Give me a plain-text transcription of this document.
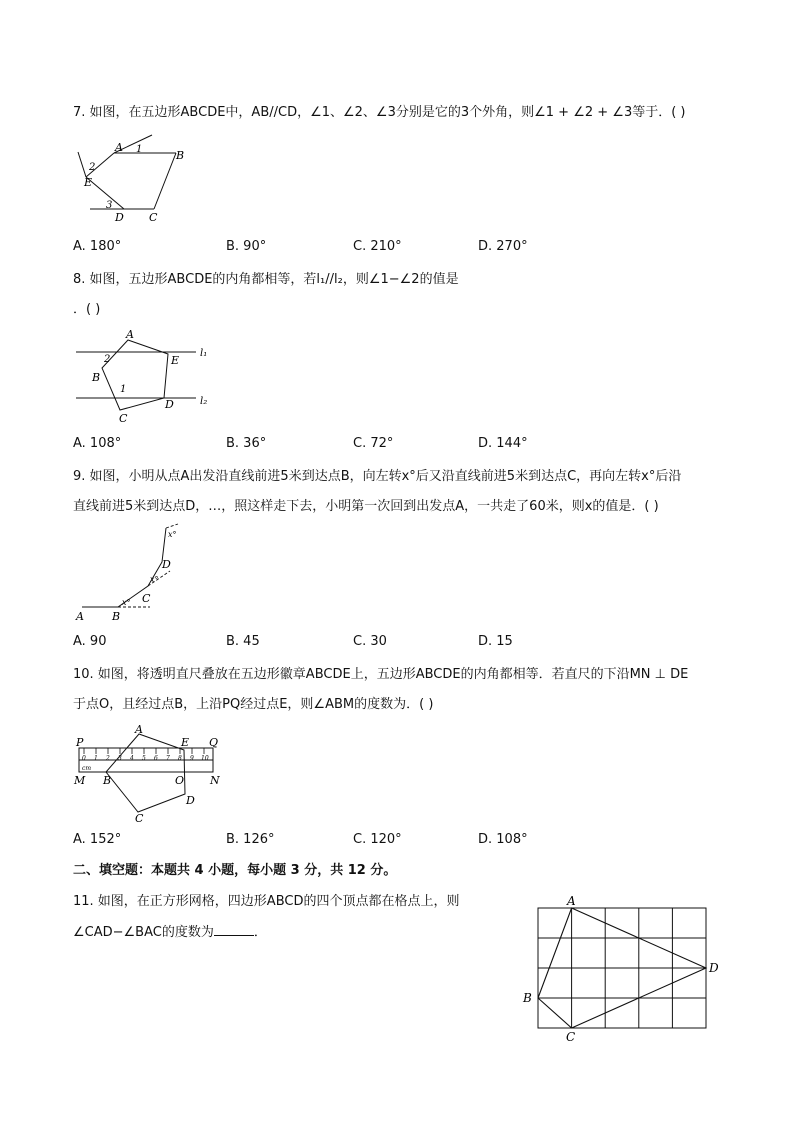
7. 如图，在五边形ABCDE中，AB//CD，∠1、∠2、∠3分别是它的3个外角，则∠1 + ∠2 + ∠3等于．( )
A
B
C
D
E
1
2
3
A. 180°	B. 90°	C. 210°	D. 270°
8. 如图，五边形ABCDE的内角都相等，若l₁//l₂，则∠1−∠2的值是
．( )
A
B
C
D
E
1
2
l₁
l₂
A. 108°	B. 36°	C. 72°	D. 144°
9. 如图，小明从点A出发沿直线前进5米到达点B，向左转x°后又沿直线前进5米到达点C，再向左转x°后沿
直线前进5米到达点D，…，照这样走下去，小明第一次回到出发点A，一共走了60米，则x的值是．( )
A	B
C
D
x°
x°
x°
A. 90	B. 45	C. 30	D. 15
10. 如图，将透明直尺叠放在五边形徽章ABCDE上，五边形ABCDE的内角都相等．若直尺的下沿MN ⊥ DE
于点O，且经过点B，上沿PQ经过点E，则∠ABM的度数为．( )
0 1 2 3 4 5 6 7 8 9 10
cm
P
A
E Q
M B	O N
D
C
A. 152°	B. 126°	C. 120°	D. 108°
二、填空题：本题共 4 小题，每小题 3 分，共 12 分。
11. 如图，在正方形网格，四边形ABCD的四个顶点都在格点上，则
∠CAD−∠BAC的度数为	．
A
B
C
D
